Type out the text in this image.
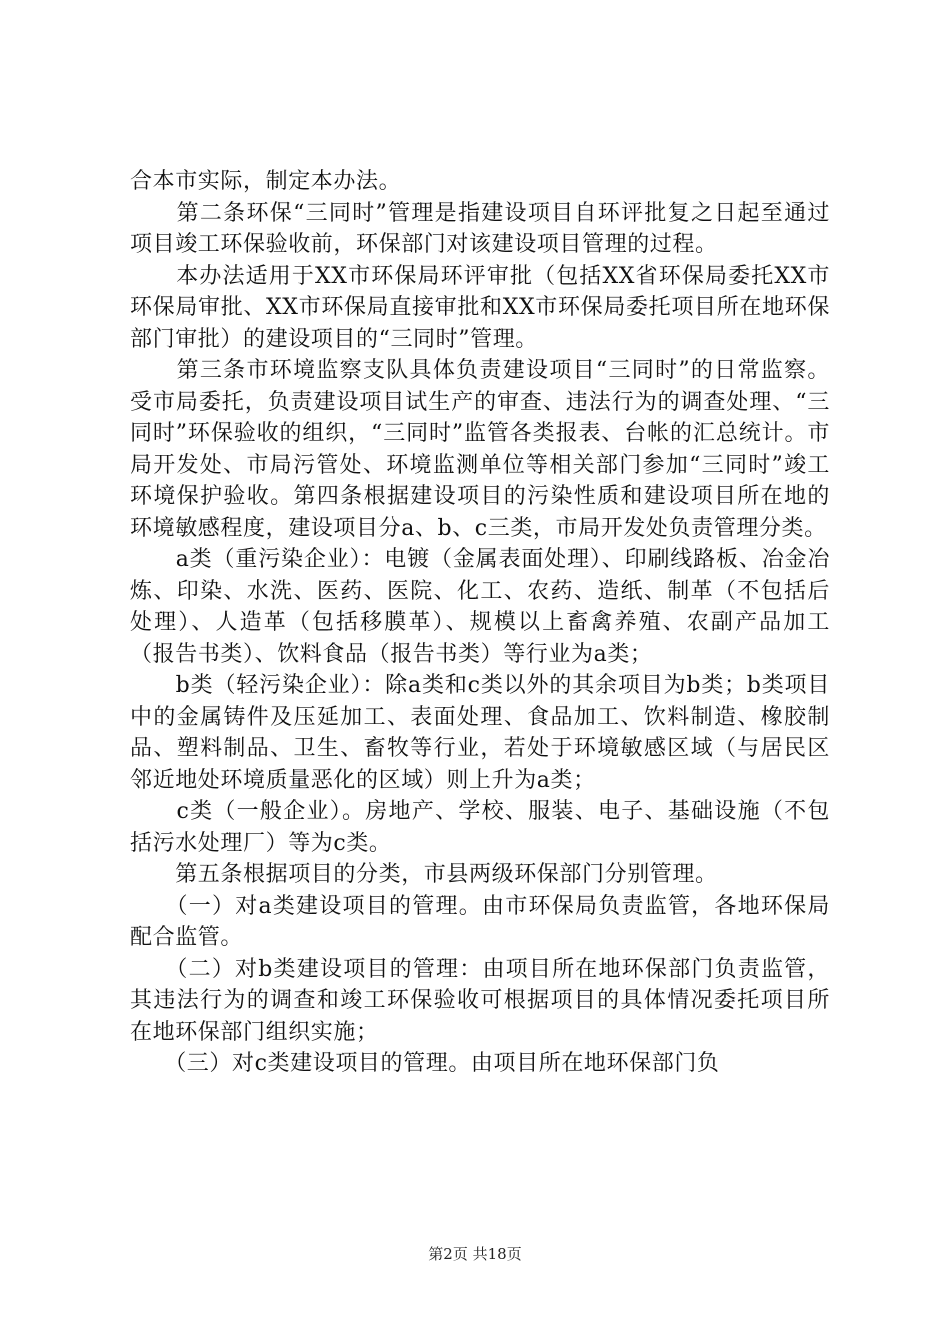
合本市实际，制定本办法。

　　第二条环保“三同时”管理是指建设项目自环评批复之日起至通过项目竣工环保验收前，环保部门对该建设项目管理的过程。

　　本办法适用于XX市环保局环评审批（包括XX省环保局委托XX市环保局审批、XX市环保局直接审批和XX市环保局委托项目所在地环保部门审批）的建设项目的“三同时”管理。

　　第三条市环境监察支队具体负责建设项目“三同时”的日常监察。受市局委托，负责建设项目试生产的审查、违法行为的调查处理、“三同时”环保验收的组织，“三同时”监管各类报表、台帐的汇总统计。市局开发处、市局污管处、环境监测单位等相关部门参加“三同时”竣工环境保护验收。第四条根据建设项目的污染性质和建设项目所在地的环境敏感程度，建设项目分a、b、c三类，市局开发处负责管理分类。

　　a类（重污染企业）：电镀（金属表面处理）、印刷线路板、冶金冶炼、印染、水洗、医药、医院、化工、农药、造纸、制革（不包括后处理）、人造革（包括移膜革）、规模以上畜禽养殖、农副产品加工（报告书类）、饮料食品（报告书类）等行业为a类；

　　b类（轻污染企业）：除a类和c类以外的其余项目为b类；b类项目中的金属铸件及压延加工、表面处理、食品加工、饮料制造、橡胶制品、塑料制品、卫生、畜牧等行业，若处于环境敏感区域（与居民区邻近地处环境质量恶化的区域）则上升为a类；

　　c类（一般企业）。房地产、学校、服装、电子、基础设施（不包括污水处理厂）等为c类。

　　第五条根据项目的分类，市县两级环保部门分别管理。

　　（一）对a类建设项目的管理。由市环保局负责监管，各地环保局配合监管。

　　（二）对b类建设项目的管理：由项目所在地环保部门负责监管，其违法行为的调查和竣工环保验收可根据项目的具体情况委托项目所在地环保部门组织实施；

　　（三）对c类建设项目的管理。由项目所在地环保部门负

第2页 共18页
